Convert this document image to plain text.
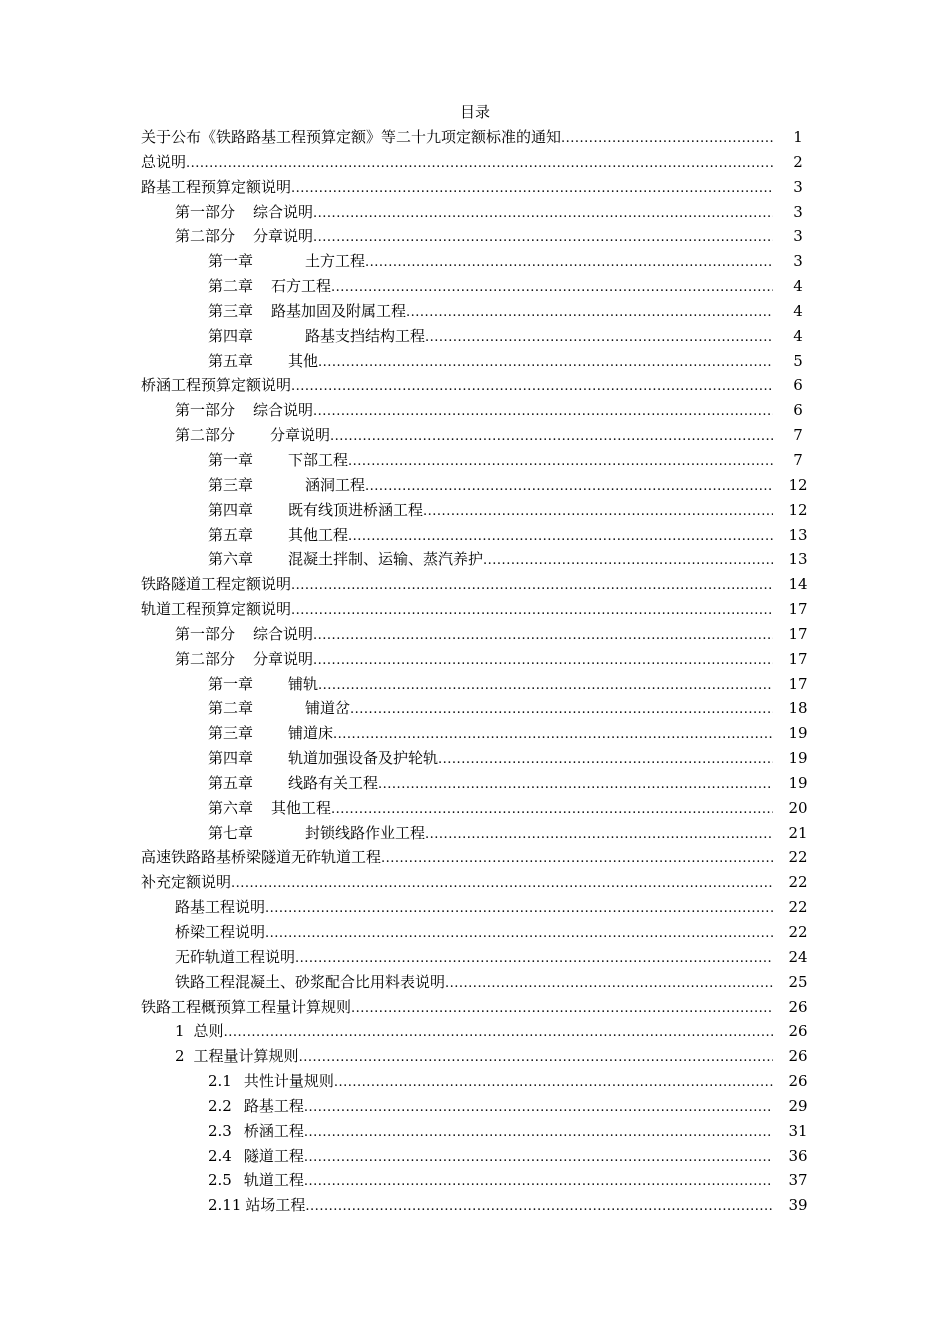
目录
关于公布《铁路路基工程预算定额》等二十九项定额标准的通知 .....	1
总说明 .....	2
路基工程预算定额说明 .....	3
第一部分 综合说明 .....	3
第二部分 分章说明 .....	3
第一章	土方工程 .....	3
第二章 石方工程 .....	4
第三章 路基加固及附属工程 .....	4
第四章	路基支挡结构工程 .....	4
第五章 其他 .....	5
桥涵工程预算定额说明 .....	6
第一部分 综合说明 .....	6
第二部分 分章说明 .....	7
第一章 下部工程 .....	7
第三章	涵洞工程 .....	12
第四章 既有线顶进桥涵工程 .....	12
第五章 其他工程 .....	13
第六章 混凝土拌制、运输、蒸汽养护 .....	13
铁路隧道工程定额说明 .....	14
轨道工程预算定额说明 .....	17
第一部分 综合说明 .....	17
第二部分 分章说明 .....	17
第一章 铺轨 .....	17
第二章	铺道岔 .....	18
第三章 铺道床 .....	19
第四章 轨道加强设备及护轮轨 .....	19
第五章 线路有关工程 .....	19
第六章 其他工程 .....	20
第七章	封锁线路作业工程 .....	21
高速铁路路基桥梁隧道无砟轨道工程 .....	22
补充定额说明 .....	22
路基工程说明 .....	22
桥梁工程说明 .....	22
无砟轨道工程说明 .....	24
铁路工程混凝土、砂浆配合比用料表说明 .....	25
铁路工程概预算工程量计算规则 .....	26
1 总则 .....	26
2 工程量计算规则 .....	26
2.1 共性计量规则 .....	26
2.2 路基工程 .....	29
2.3 桥涵工程 .....	31
2.4 隧道工程 .....	36
2.5 轨道工程 .....	37
2.11 站场工程 .....	39
